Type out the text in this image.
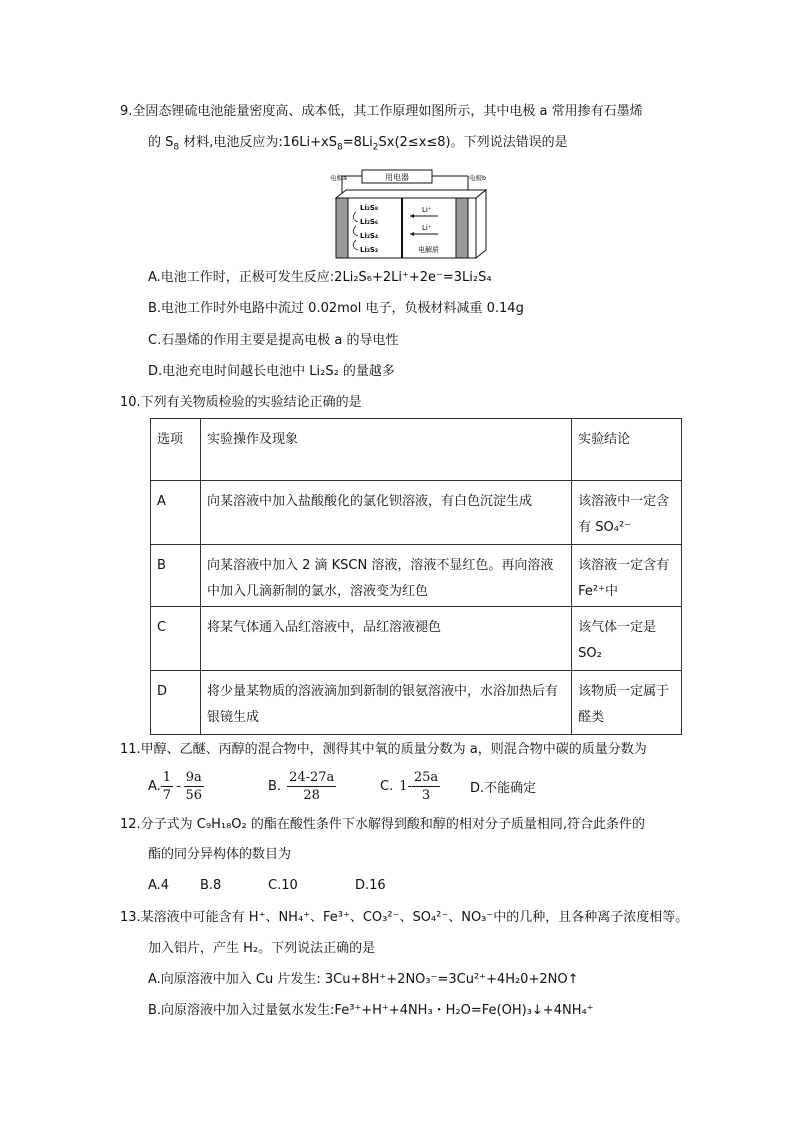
9.全固态锂硫电池能量密度高、成本低，其工作原理如图所示，其中电极 a 常用掺有石墨烯
的 $S_8$ 材料,电池反应为$:16Li+xS_8=8Li_2Sx(2\le x\le 8)$。下列说法错误的是
用电器
电极a	电极b
Li₂S₈
Li₂S₆
Li₂S₄
Li₂S₂
Li⁺
Li⁺
电解质
A.电池工作时，正极可发生反应:2Li₂S₆+2Li⁺+2e⁻=3Li₂S₄
B.电池工作时外电路中流过 0.02mol 电子，负极材料减重 0.14g
C.石墨烯的作用主要是提高电极 a 的导电性
D.电池充电时间越长电池中 Li₂S₂ 的量越多
10.下列有关物质检验的实验结论正确的是
选项	实验操作及现象	实验结论
A	向某溶液中加入盐酸酸化的氯化钡溶液，有白色沉淀生成	该溶液中一定含有 SO₄²⁻
B	向某溶液中加入 2 滴 KSCN 溶液，溶液不显红色。再向溶液中加入几滴新制的氯水，溶液变为红色	该溶液一定含有 Fe²⁺中
C	将某气体通入品红溶液中，品红溶液褪色	该气体一定是SO₂
D	将少量某物质的溶液滴加到新制的银氨溶液中，水浴加热后有银镜生成	该物质一定属于醛类
11.甲醇、乙醚、丙醇的混合物中，测得其中氧的质量分数为 a，则混合物中碳的质量分数为
A. $\frac{1}{7} - \frac{9a}{56}$	B. $\frac{24-27a}{28}$	C. $1- \frac{25a}{3} D$.不能确定
12.分子式为 C₉H₁₈O₂ 的酯在酸性条件下水解得到酸和醇的相对分子质量相同,符合此条件的
酯的同分异构体的数目为
A.4 B.8	C.10	D.16
13.某溶液中可能含有 H⁺、NH₄⁺、Fe³⁺、CO₃²⁻、SO₄²⁻、NO₃⁻中的几种，且各种离子浓度相等。
加入铝片，产生 H₂。下列说法正确的是
A.向原溶液中加入 Cu 片发生: 3Cu+8H⁺+2NO₃⁻=3Cu²⁺+4H₂0+2NO↑
B.向原溶液中加入过量氨水发生:Fe³⁺+H⁺+4NH₃・H₂O=Fe(OH)₃↓+4NH₄⁺
